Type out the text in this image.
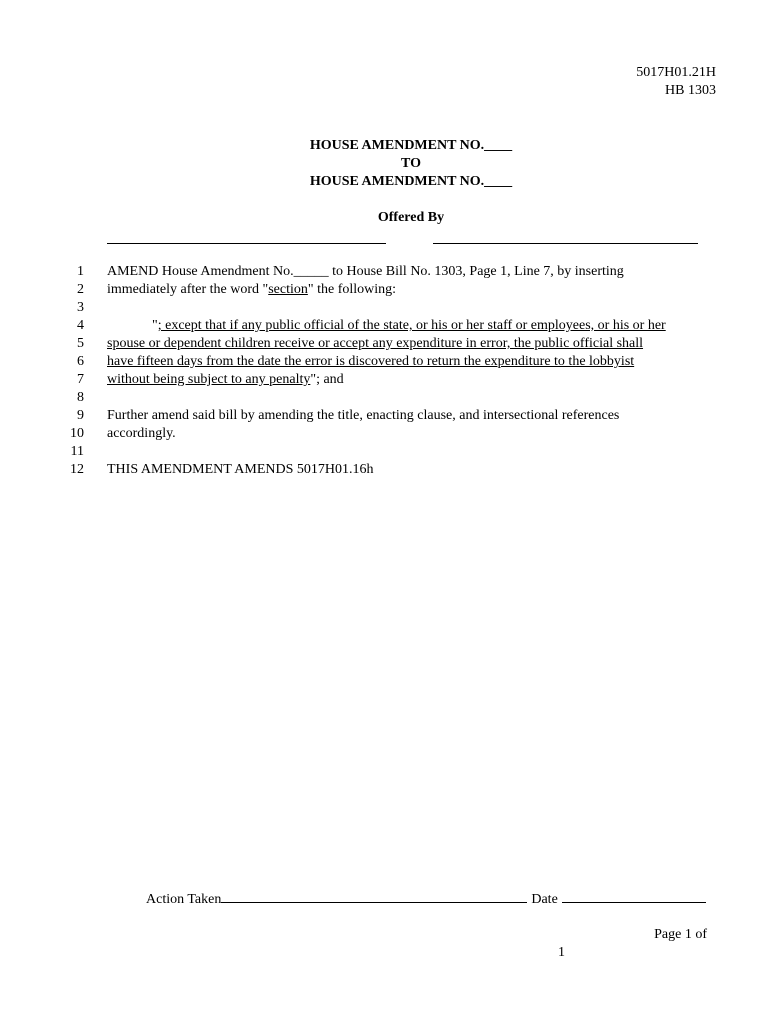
5017H01.21H
HB 1303
HOUSE AMENDMENT NO.____
TO
HOUSE AMENDMENT NO.____
Offered By
1 AMEND House Amendment No._____ to House Bill No. 1303, Page 1, Line 7, by inserting
2 immediately after the word "section" the following:
3
4	"; except that if any public official of the state, or his or her staff or employees, or his or her
5 spouse or dependent children receive or accept any expenditure in error, the public official shall
6 have fifteen days from the date the error is discovered to return the expenditure to the lobbyist
7 without being subject to any penalty"; and
8
9 Further amend said bill by amending the title, enacting clause, and intersectional references
10 accordingly.
11
12 THIS AMENDMENT AMENDS 5017H01.16h
Action Taken	Date
Page 1 of
1
